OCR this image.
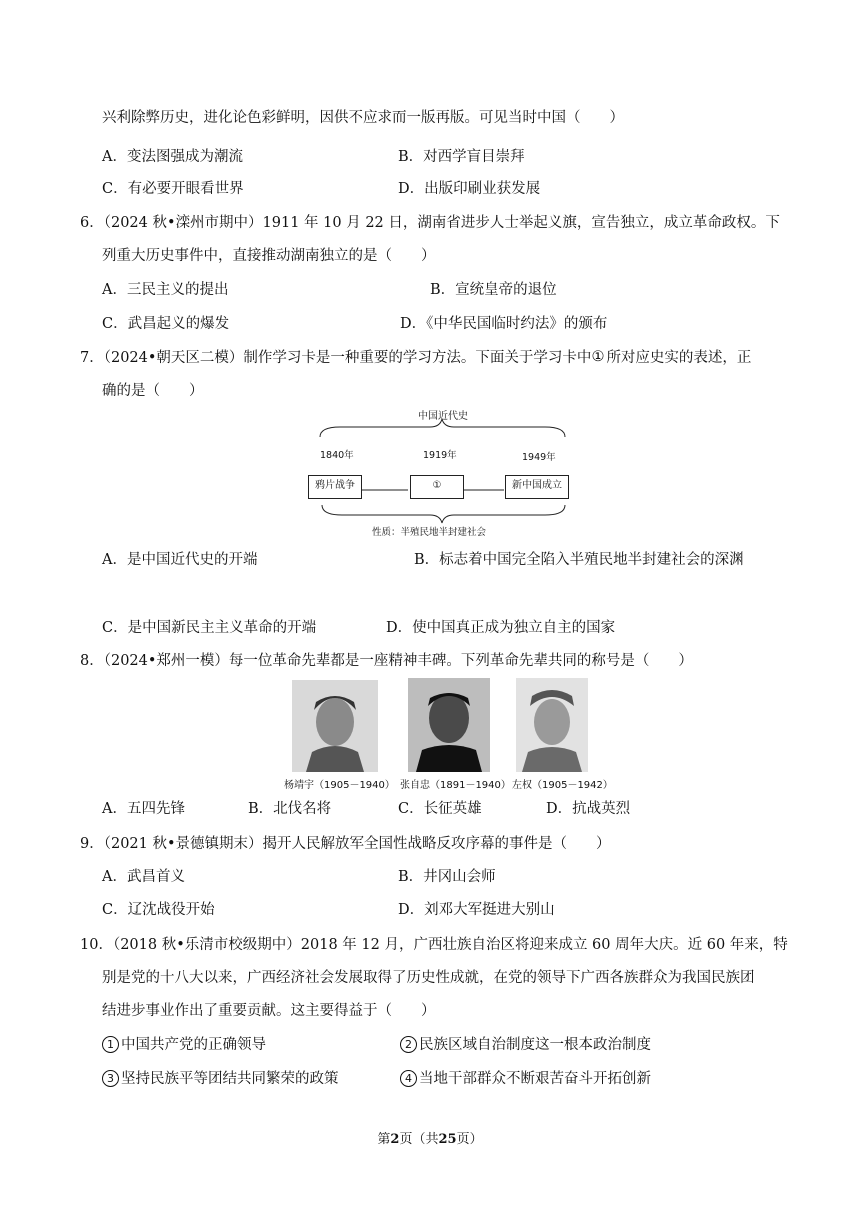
兴利除弊历史，进化论色彩鲜明，因供不应求而一版再版。可见当时中国（　　）
A．变法图强成为潮流	B．对西学盲目崇拜
C．有必要开眼看世界	D．出版印刷业获发展
6．（2024 秋•滦州市期中）1911 年 10 月 22 日，湖南省进步人士举起义旗，宣告独立，成立革命政权。下
列重大历史事件中，直接推动湖南独立的是（　　）
A．三民主义的提出	B．宣统皇帝的退位
C．武昌起义的爆发	D．《中华民国临时约法》的颁布
7．（2024•朝天区二模）制作学习卡是一种重要的学习方法。下面关于学习卡中① 所对应史实的表述，正
确的是（　　）
中国近代史
1840年	1919年	1949年
鸦片战争	①	新中国成立
性质：半殖民地半封建社会
A．是中国近代史的开端	B．标志着中国完全陷入半殖民地半封建社会的深渊
C．是中国新民主主义革命的开端	D．使中国真正成为独立自主的国家
8．（2024•郑州一模）每一位革命先辈都是一座精神丰碑。下列革命先辈共同的称号是（　　）
杨靖宇（1905－1940） 张自忠（1891－1940） 左权（1905－1942）
A．五四先锋	B．北伐名将	C．长征英雄	D．抗战英烈
9．（2021 秋•景德镇期末）揭开人民解放军全国性战略反攻序幕的事件是（　　）
A．武昌首义	B．井冈山会师
C．辽沈战役开始	D．刘邓大军挺进大别山
10．（2018 秋•乐清市校级期中）2018 年 12 月，广西壮族自治区将迎来成立 60 周年大庆。近 60 年来，特
别是党的十八大以来，广西经济社会发展取得了历史性成就，在党的领导下广西各族群众为我国民族团
结进步事业作出了重要贡献。这主要得益于（　　）
1 中国共产党的正确领导	2 民族区域自治制度这一根本政治制度
3 坚持民族平等团结共同繁荣的政策	4 当地干部群众不断艰苦奋斗开拓创新
第2页（共25页）
